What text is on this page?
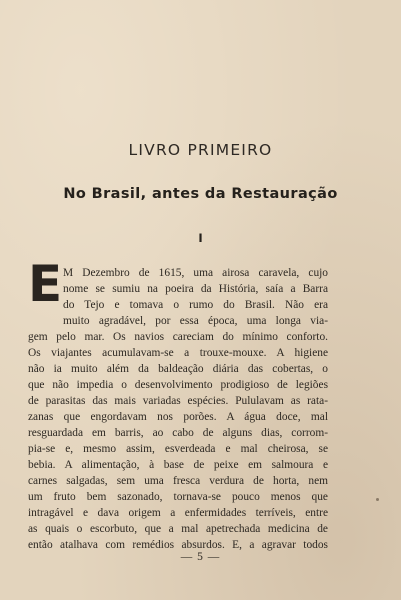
LIVRO PRIMEIRO
No Brasil, antes da Restauração
I
E M Dezembro de 1615, uma airosa caravela, cujo
nome se sumiu na poeira da História, saía a Barra
do Tejo e tomava o rumo do Brasil. Não era
muito agradável, por essa época, uma longa via-
gem pelo mar. Os navios careciam do mínimo conforto.
Os viajantes acumulavam-se a trouxe-mouxe. A higiene
não ia muito além da baldeação diária das cobertas, o
que não impedia o desenvolvimento prodigioso de legiões
de parasitas das mais variadas espécies. Pululavam as rata-
zanas que engordavam nos porões. A água doce, mal
resguardada em barris, ao cabo de alguns dias, corrom-
pia-se e, mesmo assim, esverdeada e mal cheirosa, se
bebia. A alimentação, à base de peixe em salmoura e
carnes salgadas, sem uma fresca verdura de horta, nem
um fruto bem sazonado, tornava-se pouco menos que
intragável e dava origem a enfermidades terríveis, entre
as quais o escorbuto, que a mal apetrechada medicina de
então atalhava com remédios absurdos. E, a agravar todos
— 5 —
